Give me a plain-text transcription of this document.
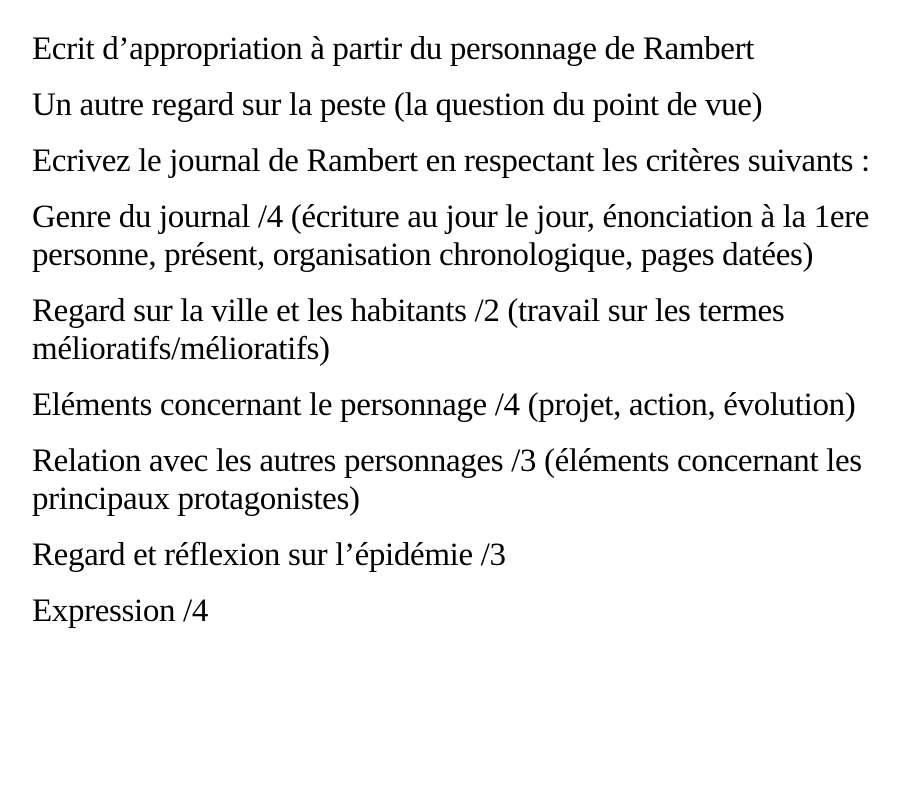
Ecrit d’appropriation à partir du personnage de Rambert

Un autre regard sur la peste (la question du point de vue)

Ecrivez le journal de Rambert en respectant les critères suivants :

Genre du journal /4 (écriture au jour le jour, énonciation à la 1ere personne, présent, organisation chronologique, pages datées)

Regard sur la ville et les habitants /2 (travail sur les termes mélioratifs/mélioratifs)

Eléments concernant le personnage /4 (projet, action, évolution)

Relation avec les autres personnages /3 (éléments concernant les principaux protagonistes)

Regard et réflexion sur l’épidémie /3

Expression /4
